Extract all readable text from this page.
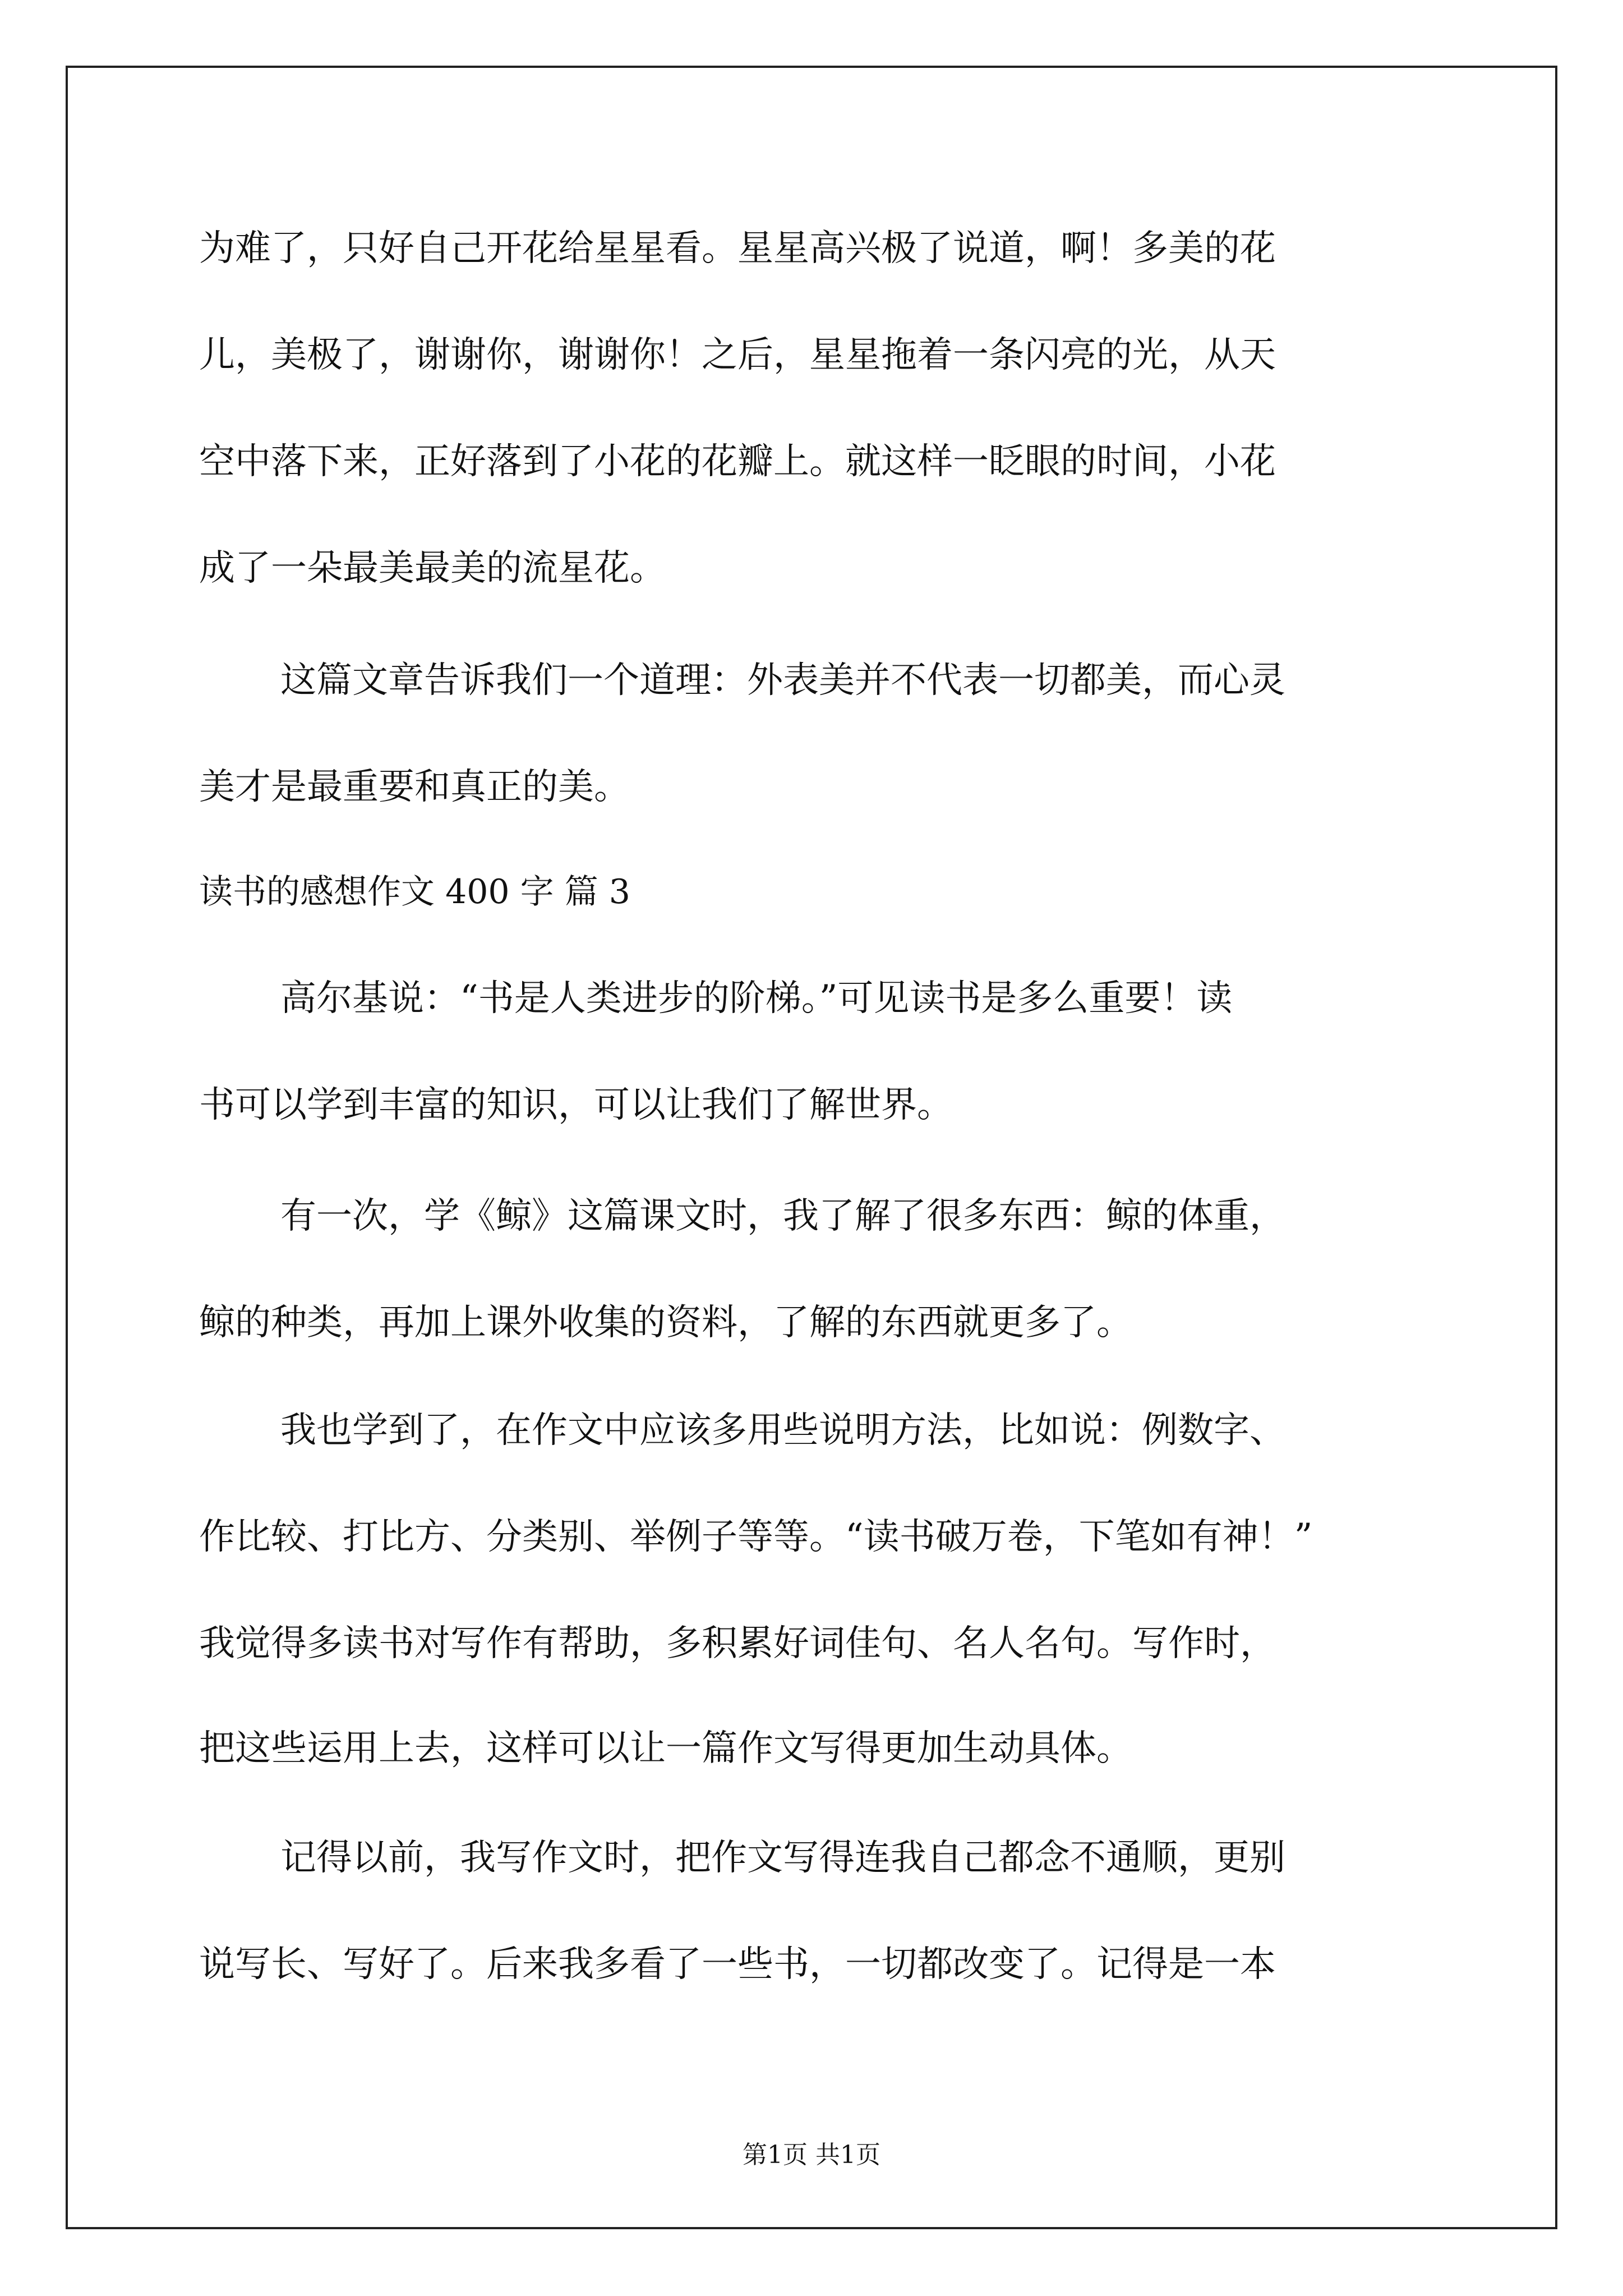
为难了，只好自己开花给星星看。星星高兴极了说道，啊！多美的花
儿，美极了，谢谢你，谢谢你！之后，星星拖着一条闪亮的光，从天
空中落下来，正好落到了小花的花瓣上。就这样一眨眼的时间，小花
成了一朵最美最美的流星花。
这篇文章告诉我们一个道理：外表美并不代表一切都美，而心灵
美才是最重要和真正的美。
读书的感想作文 400 字 篇 3
高尔基说：“书是人类进步的阶梯。”可见读书是多么重要！读
书可以学到丰富的知识，可以让我们了解世界。
有一次，学《鲸》这篇课文时，我了解了很多东西：鲸的体重，
鲸的种类，再加上课外收集的资料，了解的东西就更多了。
我也学到了，在作文中应该多用些说明方法，比如说：例数字、
作比较、打比方、分类别、举例子等等。“读书破万卷，下笔如有神！”
我觉得多读书对写作有帮助，多积累好词佳句、名人名句。写作时，
把这些运用上去，这样可以让一篇作文写得更加生动具体。
记得以前，我写作文时，把作文写得连我自己都念不通顺，更别
说写长、写好了。后来我多看了一些书，一切都改变了。记得是一本
第1页 共1页
